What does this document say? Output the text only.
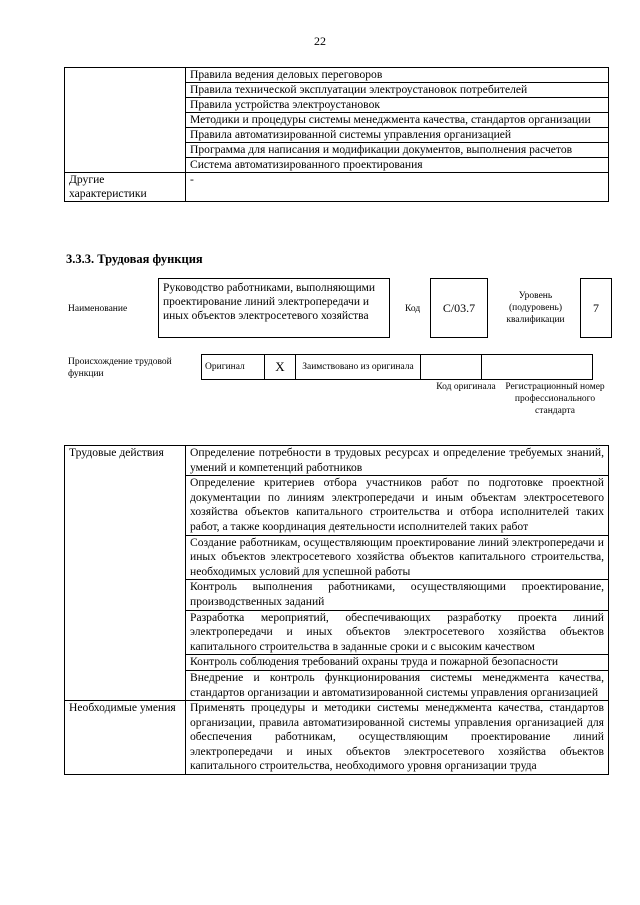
22
	Правила ведения деловых переговоров
	Правила технической эксплуатации электроустановок потребителей
	Правила устройства электроустановок
	Методики и процедуры системы менеджмента качества, стандартов организации
	Правила автоматизированной системы управления организацией
	Программа для написания и модификации документов, выполнения расчетов
	Система автоматизированного проектирования
Другие характеристики	-
3.3.3. Трудовая функция
Наименование
Руководство работниками, выполняющими проектирование линий электропередачи и иных объектов электросетевого хозяйства
Код	C/03.7
Уровень (подуровень) квалификации
7
Происхождение трудовой функции
Оригинал	X	Заимствовано из оригинала		
Код оригинала	Регистрационный номер профессионального стандарта
Трудовые действия	Определение потребности в трудовых ресурсах и определение требуемых знаний, умений и компетенций работников
	Определение критериев отбора участников работ по подготовке проектной документации по линиям электропередачи и иным объектам электросетевого хозяйства объектов капитального строительства и отбора исполнителей таких работ, а также координация деятельности исполнителей таких работ
	Создание работникам, осуществляющим проектирование линий электропередачи и иных объектов электросетевого хозяйства объектов капитального строительства, необходимых условий для успешной работы
	Контроль выполнения работниками, осуществляющими проектирование, производственных заданий
	Разработка мероприятий, обеспечивающих разработку проекта линий электропередачи и иных объектов электросетевого хозяйства объектов капитального строительства в заданные сроки и с высоким качеством
	Контроль соблюдения требований охраны труда и пожарной безопасности
	Внедрение и контроль функционирования системы менеджмента качества, стандартов организации и автоматизированной системы управления организацией
Необходимые умения	Применять процедуры и методики системы менеджмента качества, стандартов организации, правила автоматизированной системы управления организацией для обеспечения работникам, осуществляющим проектирование линий электропередачи и иных объектов электросетевого хозяйства объектов капитального строительства, необходимого уровня организации труда
